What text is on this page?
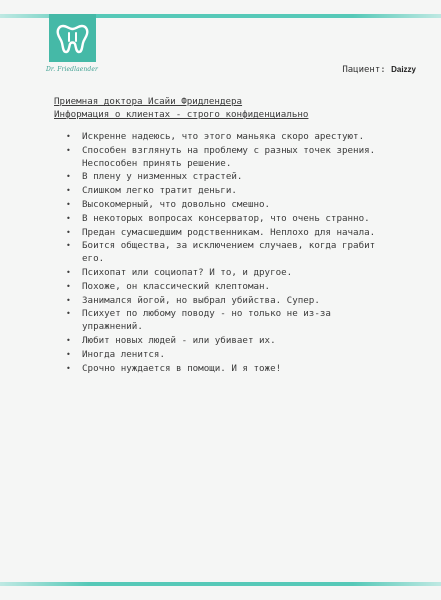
Dr. Friedlaender	Пациент: Daizzy
Приемная доктора Исайи Фридлендера
Информация о клиентах - строго конфиденциально
• Искренне надеюсь, что этого маньяка скоро арестуют.
• Способен взглянуть на проблему с разных точек зрения. Неспособен принять решение.
• В плену у низменных страстей.
• Слишком легко тратит деньги.
• Высокомерный, что довольно смешно.
• В некоторых вопросах консерватор, что очень странно.
• Предан сумасшедшим родственникам. Неплохо для начала.
• Боится общества, за исключением случаев, когда грабит его.
• Психопат или социопат? И то, и другое.
• Похоже, он классический клептоман.
• Занимался йогой, но выбрал убийства. Супер.
• Психует по любому поводу - но только не из-за упражнений.
• Любит новых людей - или убивает их.
• Иногда ленится.
• Срочно нуждается в помощи. И я тоже!
